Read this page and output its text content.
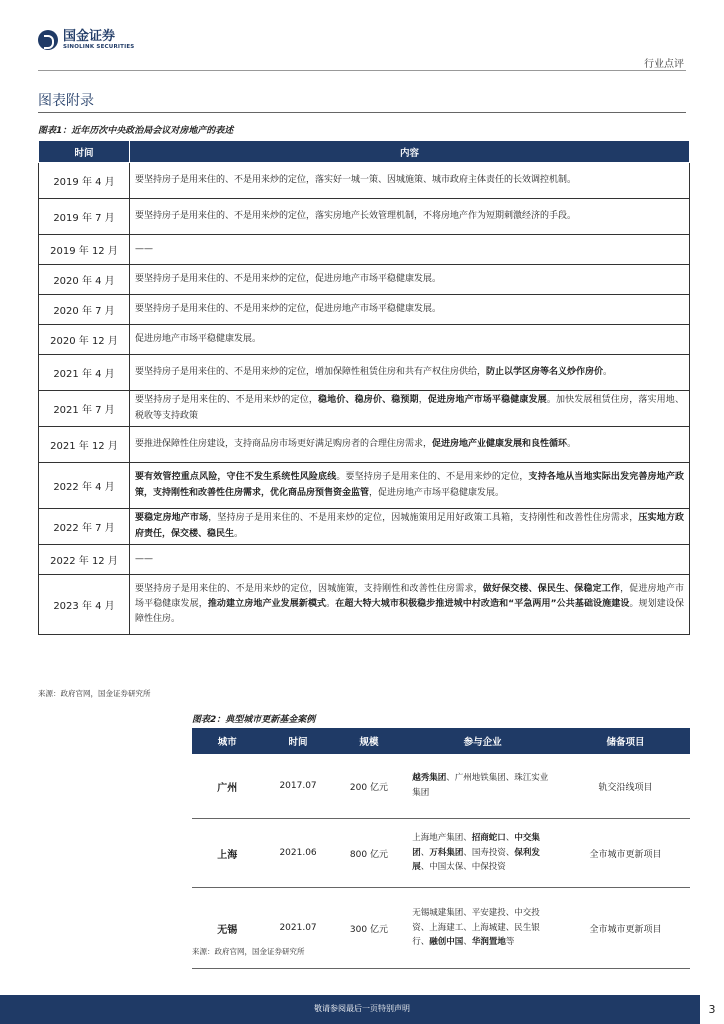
国金证券
SINOLINK SECURITIES
行业点评
图表附录
图表1：近年历次中央政治局会议对房地产的表述
时间	内容
2019 年 4 月	要坚持房子是用来住的、不是用来炒的定位，落实好一城一策、因城施策、城市政府主体责任的长效调控机制。
2019 年 7 月	要坚持房子是用来住的、不是用来炒的定位，落实房地产长效管理机制，不将房地产作为短期刺激经济的手段。
2019 年 12 月	——
2020 年 4 月	要坚持房子是用来住的、不是用来炒的定位，促进房地产市场平稳健康发展。
2020 年 7 月	要坚持房子是用来住的、不是用来炒的定位，促进房地产市场平稳健康发展。
2020 年 12 月	促进房地产市场平稳健康发展。
2021 年 4 月	要坚持房子是用来住的、不是用来炒的定位，增加保障性租赁住房和共有产权住房供给，防止以学区房等名义炒作房价。
2021 年 7 月	要坚持房子是用来住的、不是用来炒的定位，稳地价、稳房价、稳预期，促进房地产市场平稳健康发展。加快发展租赁住房，落实用地、税收等支持政策
2021 年 12 月	要推进保障性住房建设，支持商品房市场更好满足购房者的合理住房需求，促进房地产业健康发展和良性循环。
2022 年 4 月	要有效管控重点风险，守住不发生系统性风险底线。要坚持房子是用来住的、不是用来炒的定位，支持各地从当地实际出发完善房地产政策，支持刚性和改善性住房需求，优化商品房预售资金监管，促进房地产市场平稳健康发展。
2022 年 7 月	要稳定房地产市场，坚持房子是用来住的、不是用来炒的定位，因城施策用足用好政策工具箱，支持刚性和改善性住房需求，压实地方政府责任，保交楼、稳民生。
2022 年 12 月	——
2023 年 4 月	要坚持房子是用来住的、不是用来炒的定位，因城施策，支持刚性和改善性住房需求，做好保交楼、保民生、保稳定工作，促进房地产市场平稳健康发展，推动建立房地产业发展新模式。在超大特大城市积极稳步推进城中村改造和“平急两用”公共基础设施建设。规划建设保障性住房。
来源：政府官网，国金证券研究所
图表2：典型城市更新基金案例
城市	时间	规模	参与企业	储备项目
广州	2017.07	200 亿元	越秀集团、广州地铁集团、珠江实业集团	轨交沿线项目
上海	2021.06	800 亿元	上海地产集团、招商蛇口、中交集团、万科集团、国寿投资、保利发展、中国太保、中保投资	全市城市更新项目
无锡	2021.07	300 亿元	无锡城建集团、平安建投、中交投资、上海建工、上海城建、民生银行、融创中国、华润置地等	全市城市更新项目
来源：政府官网，国金证券研究所
敬请参阅最后一页特别声明	3
